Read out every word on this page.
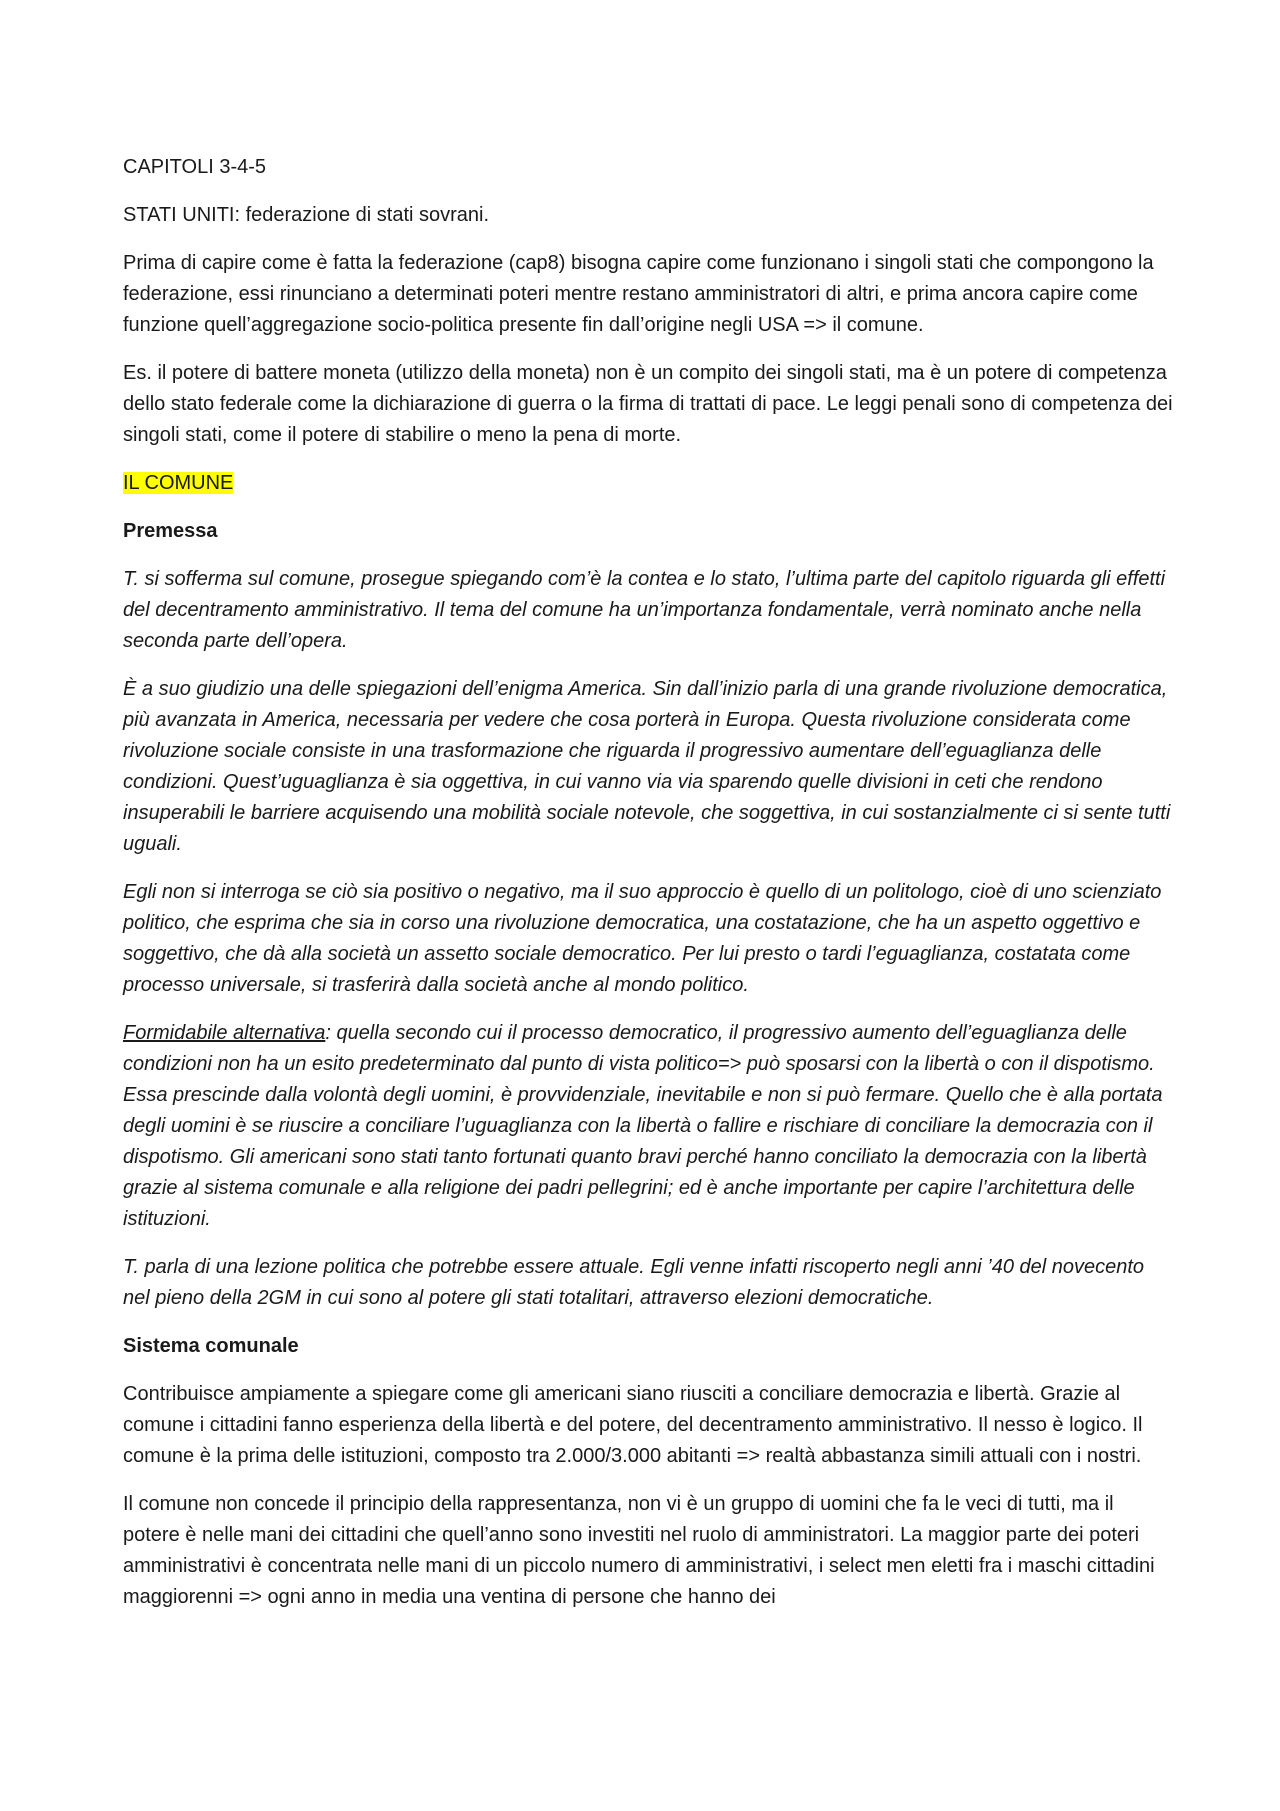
CAPITOLI 3-4-5

STATI UNITI: federazione di stati sovrani.

Prima di capire come è fatta la federazione (cap8) bisogna capire come funzionano i singoli stati che compongono la federazione, essi rinunciano a determinati poteri mentre restano amministratori di altri, e prima ancora capire come funzione quell’aggregazione socio-politica presente fin dall’origine negli USA => il comune.

Es. il potere di battere moneta (utilizzo della moneta) non è un compito dei singoli stati, ma è un potere di competenza dello stato federale come la dichiarazione di guerra o la firma di trattati di pace. Le leggi penali sono di competenza dei singoli stati, come il potere di stabilire o meno la pena di morte.

IL COMUNE

Premessa

T. si sofferma sul comune, prosegue spiegando com’è la contea e lo stato, l’ultima parte del capitolo riguarda gli effetti del decentramento amministrativo. Il tema del comune ha un’importanza fondamentale, verrà nominato anche nella seconda parte dell’opera.

È a suo giudizio una delle spiegazioni dell’enigma America. Sin dall’inizio parla di una grande rivoluzione democratica, più avanzata in America, necessaria per vedere che cosa porterà in Europa. Questa rivoluzione considerata come rivoluzione sociale consiste in una trasformazione che riguarda il progressivo aumentare dell’eguaglianza delle condizioni. Quest’uguaglianza è sia oggettiva, in cui vanno via via sparendo quelle divisioni in ceti che rendono insuperabili le barriere acquisendo una mobilità sociale notevole, che soggettiva, in cui sostanzialmente ci si sente tutti uguali.

Egli non si interroga se ciò sia positivo o negativo, ma il suo approccio è quello di un politologo, cioè di uno scienziato politico, che esprima che sia in corso una rivoluzione democratica, una costatazione, che ha un aspetto oggettivo e soggettivo, che dà alla società un assetto sociale democratico. Per lui presto o tardi l’eguaglianza, costatata come processo universale, si trasferirà dalla società anche al mondo politico.

Formidabile alternativa: quella secondo cui il processo democratico, il progressivo aumento dell’eguaglianza delle condizioni non ha un esito predeterminato dal punto di vista politico=> può sposarsi con la libertà o con il dispotismo. Essa prescinde dalla volontà degli uomini, è provvidenziale, inevitabile e non si può fermare. Quello che è alla portata degli uomini è se riuscire a conciliare l’uguaglianza con la libertà o fallire e rischiare di conciliare la democrazia con il dispotismo. Gli americani sono stati tanto fortunati quanto bravi perché hanno conciliato la democrazia con la libertà grazie al sistema comunale e alla religione dei padri pellegrini; ed è anche importante per capire l’architettura delle istituzioni.

T. parla di una lezione politica che potrebbe essere attuale. Egli venne infatti riscoperto negli anni ’40 del novecento nel pieno della 2GM in cui sono al potere gli stati totalitari, attraverso elezioni democratiche.

Sistema comunale

Contribuisce ampiamente a spiegare come gli americani siano riusciti a conciliare democrazia e libertà. Grazie al comune i cittadini fanno esperienza della libertà e del potere, del decentramento amministrativo. Il nesso è logico. Il comune è la prima delle istituzioni, composto tra 2.000/3.000 abitanti => realtà abbastanza simili attuali con i nostri.

Il comune non concede il principio della rappresentanza, non vi è un gruppo di uomini che fa le veci di tutti, ma il potere è nelle mani dei cittadini che quell’anno sono investiti nel ruolo di amministratori. La maggior parte dei poteri amministrativi è concentrata nelle mani di un piccolo numero di amministrativi, i select men eletti fra i maschi cittadini maggiorenni => ogni anno in media una ventina di persone che hanno dei
